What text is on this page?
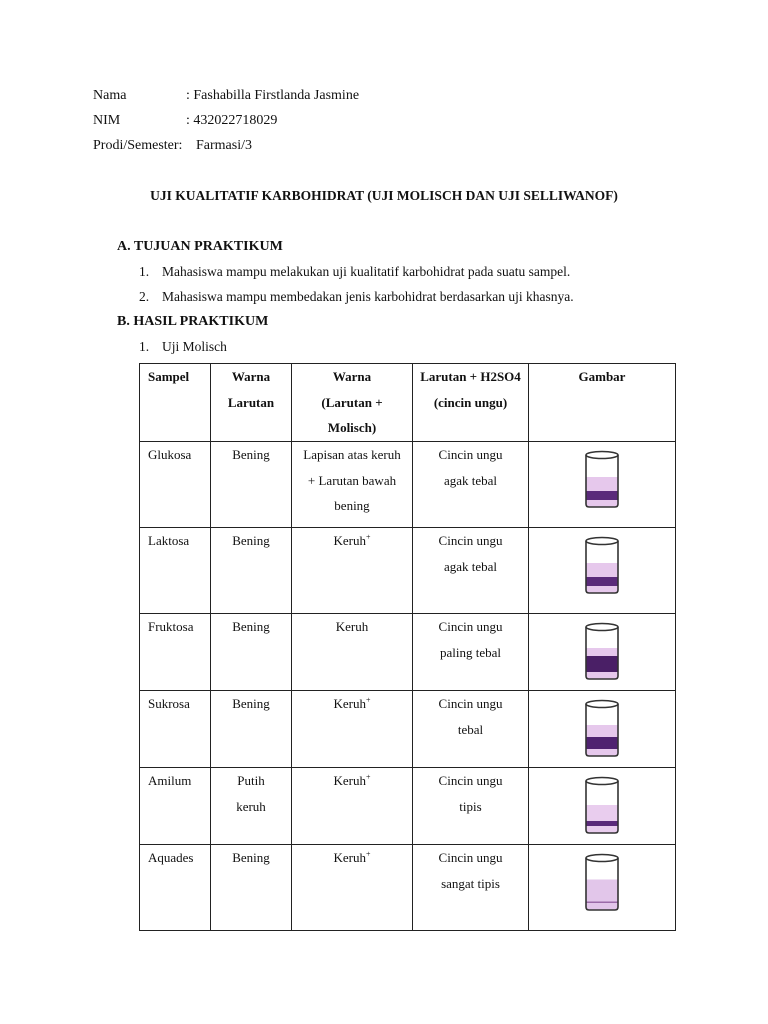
Nama	: Fashabilla Firstlanda Jasmine
NIM	: 432022718029
Prodi/Semester: Farmasi/3
UJI KUALITATIF KARBOHIDRAT (UJI MOLISCH DAN UJI SELLIWANOF)
A. TUJUAN PRAKTIKUM
1. Mahasiswa mampu melakukan uji kualitatif karbohidrat pada suatu sampel.
2. Mahasiswa mampu membedakan jenis karbohidrat berdasarkan uji khasnya.
B. HASIL PRAKTIKUM
1. Uji Molisch
Sampel	Warna Larutan	Warna (Larutan + Molisch)	Larutan + H2SO4 (cincin ungu)	Gambar
Glukosa	Bening	Lapisan atas keruh + Larutan bawah bening	Cincin ungu agak tebal	

Laktosa	Bening	Keruh+	Cincin ungu agak tebal	

Fruktosa	Bening	Keruh	Cincin ungu paling tebal	

Sukrosa	Bening	Keruh+	Cincin ungu tebal	

Amilum	Putih keruh	Keruh+	Cincin ungu tipis	

Aquades	Bening	Keruh+	Cincin ungu sangat tipis	
